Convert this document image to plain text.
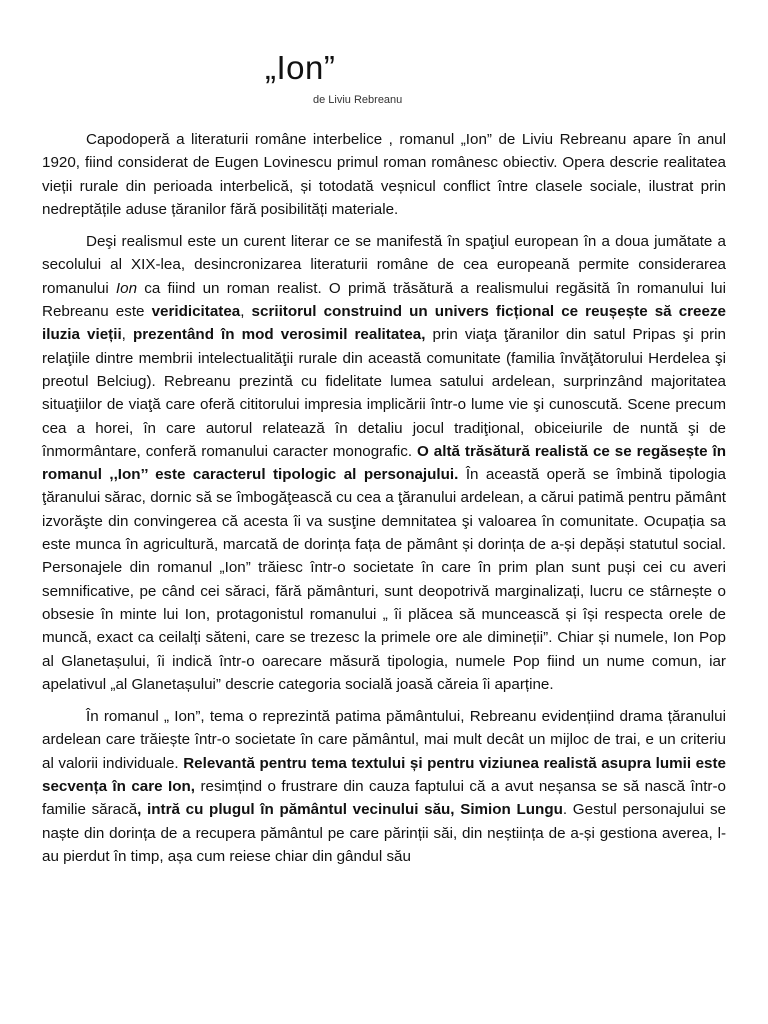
„Ion”
de Liviu Rebreanu

Capodoperă a literaturii române interbelice , romanul „Ion” de Liviu Rebreanu apare în anul 1920, fiind considerat de Eugen Lovinescu primul roman românesc obiectiv. Opera descrie realitatea vieții rurale din perioada interbelică, și totodată veșnicul conflict între clasele sociale, ilustrat prin nedreptățile aduse țăranilor fără posibilități materiale.

Deşi realismul este un curent literar ce se manifestă în spaţiul european în a doua jumătate a secolului al XIX-lea, desincronizarea literaturii române de cea europeană permite considerarea romanului Ion ca fiind un roman realist. O primă trăsătură a realismului regăsită în romanului lui Rebreanu este veridicitatea, scriitorul construind un univers ficțional ce reușește să creeze iluzia vieții, prezentând în mod verosimil realitatea, prin viaţa ţăranilor din satul Pripas şi prin relaţiile dintre membrii intelectualităţii rurale din această comunitate (familia învăţătorului Herdelea şi preotul Belciug). Rebreanu prezintă cu fidelitate lumea satului ardelean, surprinzând majoritatea situaţiilor de viaţă care oferă cititorului impresia implicării într-o lume vie şi cunoscută. Scene precum cea a horei, în care autorul relatează în detaliu jocul tradiţional, obiceiurile de nuntă şi de înmormântare, conferă romanului caracter monografic. O altă trăsătură realistă ce se regăsește în romanul ,,Ion’’ este caracterul tipologic al personajului. În această operă se îmbină tipologia ţăranului sărac, dornic să se îmbogăţească cu cea a ţăranului ardelean, a cărui patimă pentru pământ izvorăşte din convingerea că acesta îi va susţine demnitatea şi valoarea în comunitate. Ocupația sa este munca în agricultură, marcată de dorința fața de pământ și dorința de a-și depăși statutul social. Personajele din romanul „Ion” trăiesc într-o societate în care în prim plan sunt puși cei cu averi semnificative, pe când cei săraci, fără pământuri, sunt deopotrivă marginalizați, lucru ce stârnește o obsesie în minte lui Ion, protagonistul romanului „ îi plăcea să muncească și își respecta orele de muncă, exact ca ceilalți săteni, care se trezesc la primele ore ale dimineții”. Chiar și numele, Ion Pop al Glanetașului, îi indică într-o oarecare măsură tipologia, numele Pop fiind un nume comun, iar apelativul „al Glanetașului” descrie categoria socială joasă căreia îi aparține.

În romanul „ Ion”, tema o reprezintă patima pământului, Rebreanu evidențiind drama țăranului ardelean care trăiește într-o societate în care pământul, mai mult decât un mijloc de trai, e un criteriu al valorii individuale. Relevantă pentru tema textului și pentru viziunea realistă asupra lumii este secvența în care Ion, resimțind o frustrare din cauza faptului că a avut neșansa se să nască într-o familie săracă, intră cu plugul în pământul vecinului său, Simion Lungu. Gestul personajului se naște din dorința de a recupera pământul pe care părinții săi, din neștiința de a-și gestiona averea, l-au pierdut în timp, așa cum reiese chiar din gândul său
